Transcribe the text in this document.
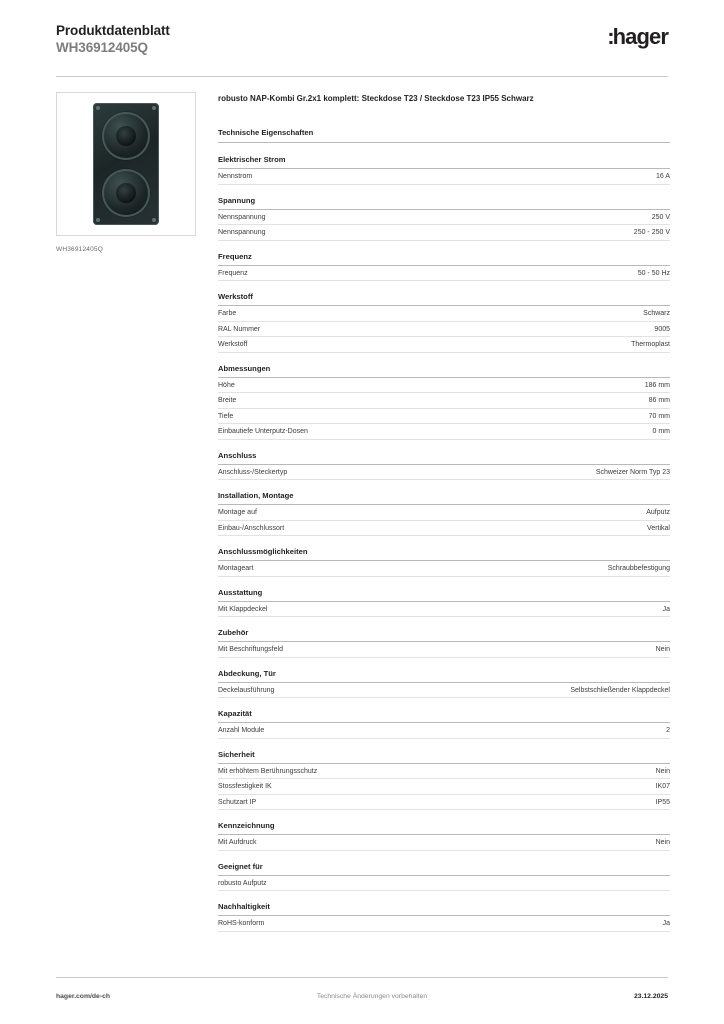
Produktdatenblatt
WH36912405Q	:hager
WH36912405Q
robusto NAP-Kombi Gr.2x1 komplett: Steckdose T23 / Steckdose T23 IP55 Schwarz
Technische Eigenschaften
Elektrischer Strom
Nennstrom	16 A
Spannung
Nennspannung	250 V
Nennspannung	250 - 250 V
Frequenz
Frequenz	50 - 50 Hz
Werkstoff
Farbe	Schwarz
RAL Nummer	9005
Werkstoff	Thermoplast
Abmessungen
Höhe	186 mm
Breite	86 mm
Tiefe	70 mm
Einbautiefe Unterputz-Dosen	0 mm
Anschluss
Anschluss-/Steckertyp	Schweizer Norm Typ 23
Installation, Montage
Montage auf	Aufputz
Einbau-/Anschlussort	Vertikal
Anschlussmöglichkeiten
Montageart	Schraubbefestigung
Ausstattung
Mit Klappdeckel	Ja
Zubehör
Mit Beschriftungsfeld	Nein
Abdeckung, Tür
Deckelausführung	Selbstschließender Klappdeckel
Kapazität
Anzahl Module	2
Sicherheit
Mit erhöhtem Berührungsschutz	Nein
Stossfestigkeit IK	IK07
Schutzart IP	IP55
Kennzeichnung
Mit Aufdruck	Nein
Geeignet für
robusto Aufputz
Nachhaltigkeit
RoHS-konform	Ja
hager.com/de-ch	Technische Änderungen vorbehalten	23.12.2025
